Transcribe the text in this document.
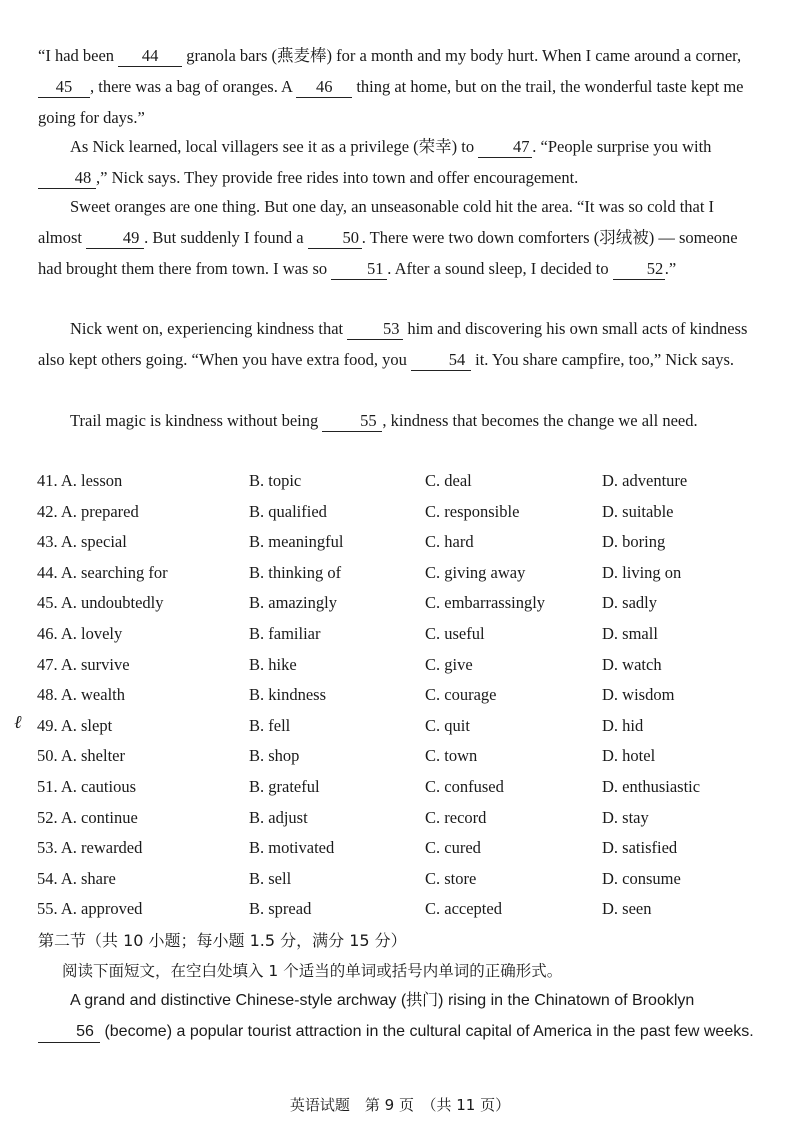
“I had been 44 granola bars (燕麦棒) for a month and my body hurt. When I came around a corner, 45 , there was a bag of oranges. A 46 thing at home, but on the trail, the wonderful taste kept me going for days.”

As Nick learned, local villagers see it as a privilege (荣幸) to 47 . “People surprise you with 48 ,” Nick says. They provide free rides into town and offer encouragement.

Sweet oranges are one thing. But one day, an unseasonable cold hit the area. “It was so cold that I almost 49 . But suddenly I found a 50 . There were two down comforters (羽绒被) — someone had brought them there from town. I was so 51 . After a sound sleep, I decided to 52.”

Nick went on, experiencing kindness that 53 him and discovering his own small acts of kindness also kept others going. “When you have extra food, you 54 it. You share campfire, too,” Nick says.

Trail magic is kindness without being 55 , kindness that becomes the change we all need.

41. A. lesson	B. topic	C. deal	D. adventure
42. A. prepared	B. qualified	C. responsible	D. suitable
43. A. special	B. meaningful	C. hard	D. boring
44. A. searching for	B. thinking of	C. giving away	D. living on
45. A. undoubtedly	B. amazingly	C. embarrassingly	D. sadly
46. A. lovely	B. familiar	C. useful	D. small
47. A. survive	B. hike	C. give	D. watch
48. A. wealth	B. kindness	C. courage	D. wisdom
49. A. slept	B. fell	C. quit	D. hid
50. A. shelter	B. shop	C. town	D. hotel
51. A. cautious	B. grateful	C. confused	D. enthusiastic
52. A. continue	B. adjust	C. record	D. stay
53. A. rewarded	B. motivated	C. cured	D. satisfied
54. A. share	B. sell	C. store	D. consume
55. A. approved	B. spread	C. accepted	D. seen
ℓ
第二节（共 10 小题；每小题 1.5 分，满分 15 分）
阅读下面短文，在空白处填入 1 个适当的单词或括号内单词的正确形式。

A grand and distinctive Chinese-style archway (拱门) rising in the Chinatown of Brooklyn 56 (become) a popular tourist attraction in the cultural capital of America in the past few weeks.

英语试题　第 9 页　（共 11 页）
